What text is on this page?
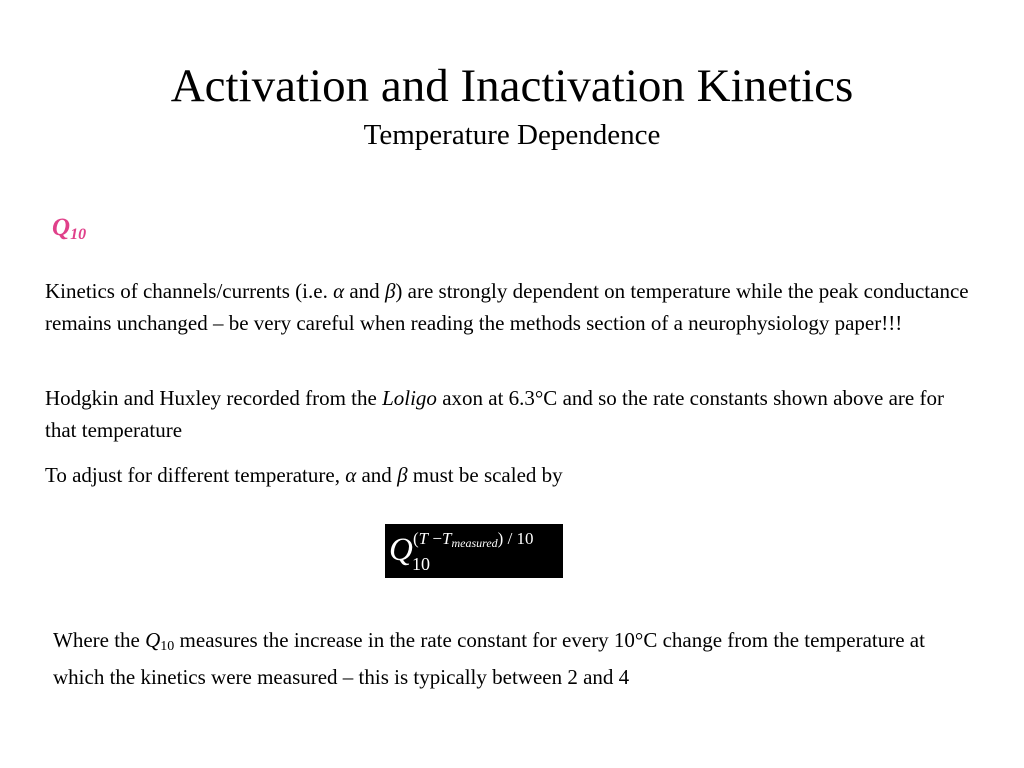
Activation and Inactivation Kinetics
Temperature Dependence
$Q_{10}$

Kinetics of channels/currents (i.e. α and β) are strongly dependent on temperature while the peak conductance remains unchanged – be very careful when reading the methods section of a neurophysiology paper!!!

Hodgkin and Huxley recorded from the Loligo axon at 6.3°C and so the rate constants shown above are for that temperature

To adjust for different temperature, α and β must be scaled by

Q 10
(T −Tmeasured) / 10

Where the $Q_{10}$ measures the increase in the rate constant for every 10°C change from the temperature at which the kinetics were measured – this is typically between 2 and 4
